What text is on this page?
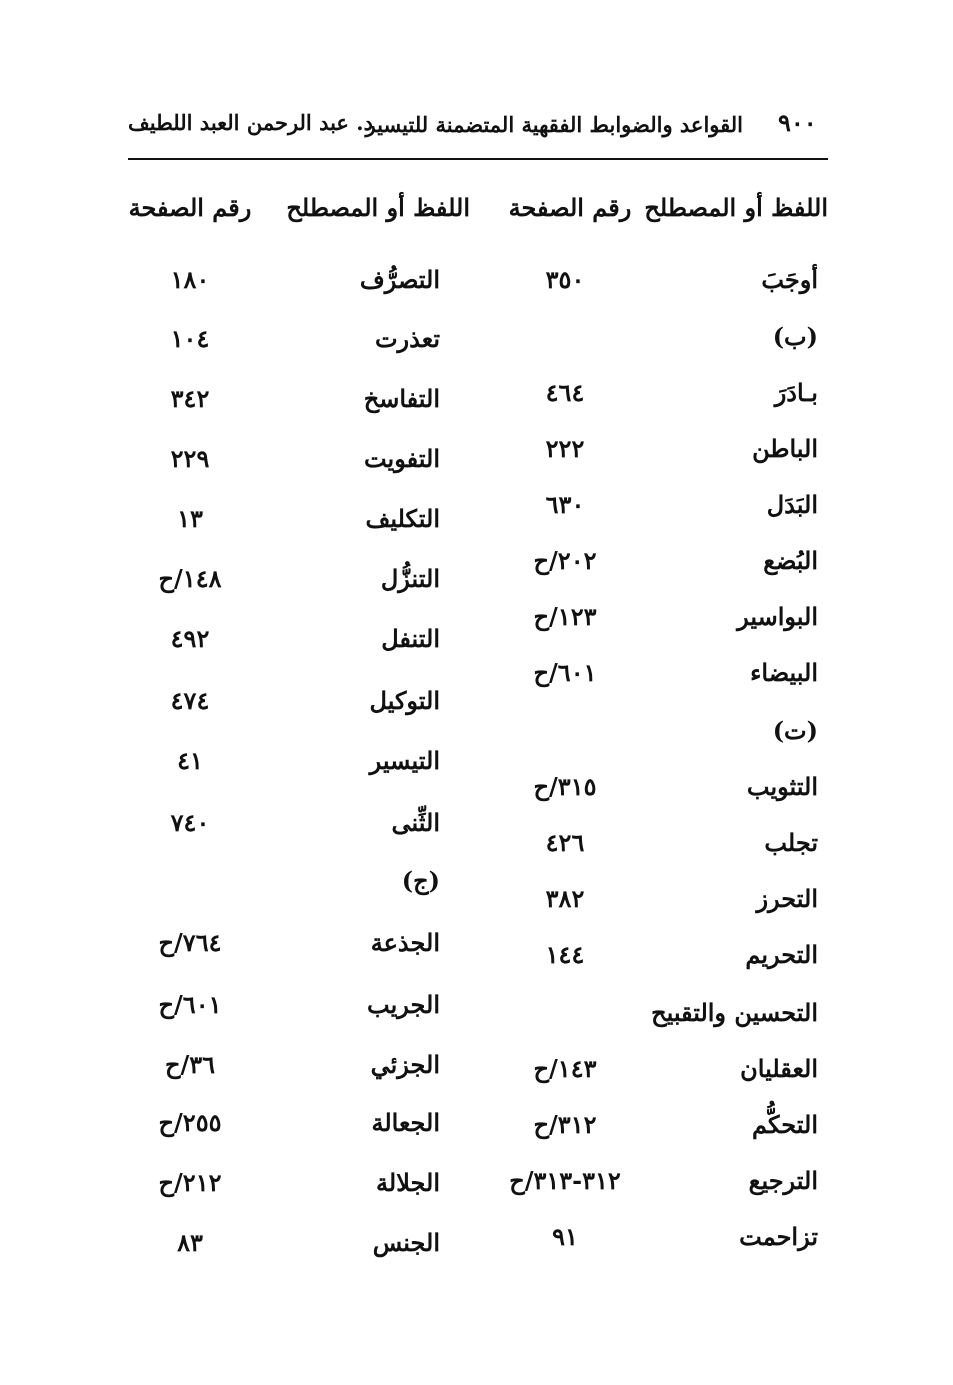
٩٠٠
القواعد والضوابط الفقهية المتضمنة للتيسير
د. عبد الرحمن العبد اللطيف
اللفظ أو المصطلح
رقم الصفحة
اللفظ أو المصطلح
رقم الصفحة
أوجَبَ
٣٥٠
(ب)
بـادَرَ
٤٦٤
الباطن
٢٢٢
البَدَل
٦٣٠
البُضع
٢٠٢/ح
البواسير
١٢٣/ح
البيضاء
٦٠١/ح
(ت)
التثويب
٣١٥/ح
تجلب
٤٢٦
التحرز
٣٨٢
التحريم
١٤٤
التحسين والتقبيح
العقليان
١٤٣/ح
التحكُّم
٣١٢/ح
الترجيع
٣١٢-٣١٣/ح
تزاحمت
٩١
التصرُّف
١٨٠
تعذرت
١٠٤
التفاسخ
٣٤٢
التفويت
٢٢٩
التكليف
١٣
التنزُّل
١٤٨/ح
التنفل
٤٩٢
التوكيل
٤٧٤
التيسير
٤١
الثِّنى
٧٤٠
(ج)
الجذعة
٧٦٤/ح
الجريب
٦٠١/ح
الجزئي
٣٦/ح
الجعالة
٢٥٥/ح
الجلالة
٢١٢/ح
الجنس
٨٣
